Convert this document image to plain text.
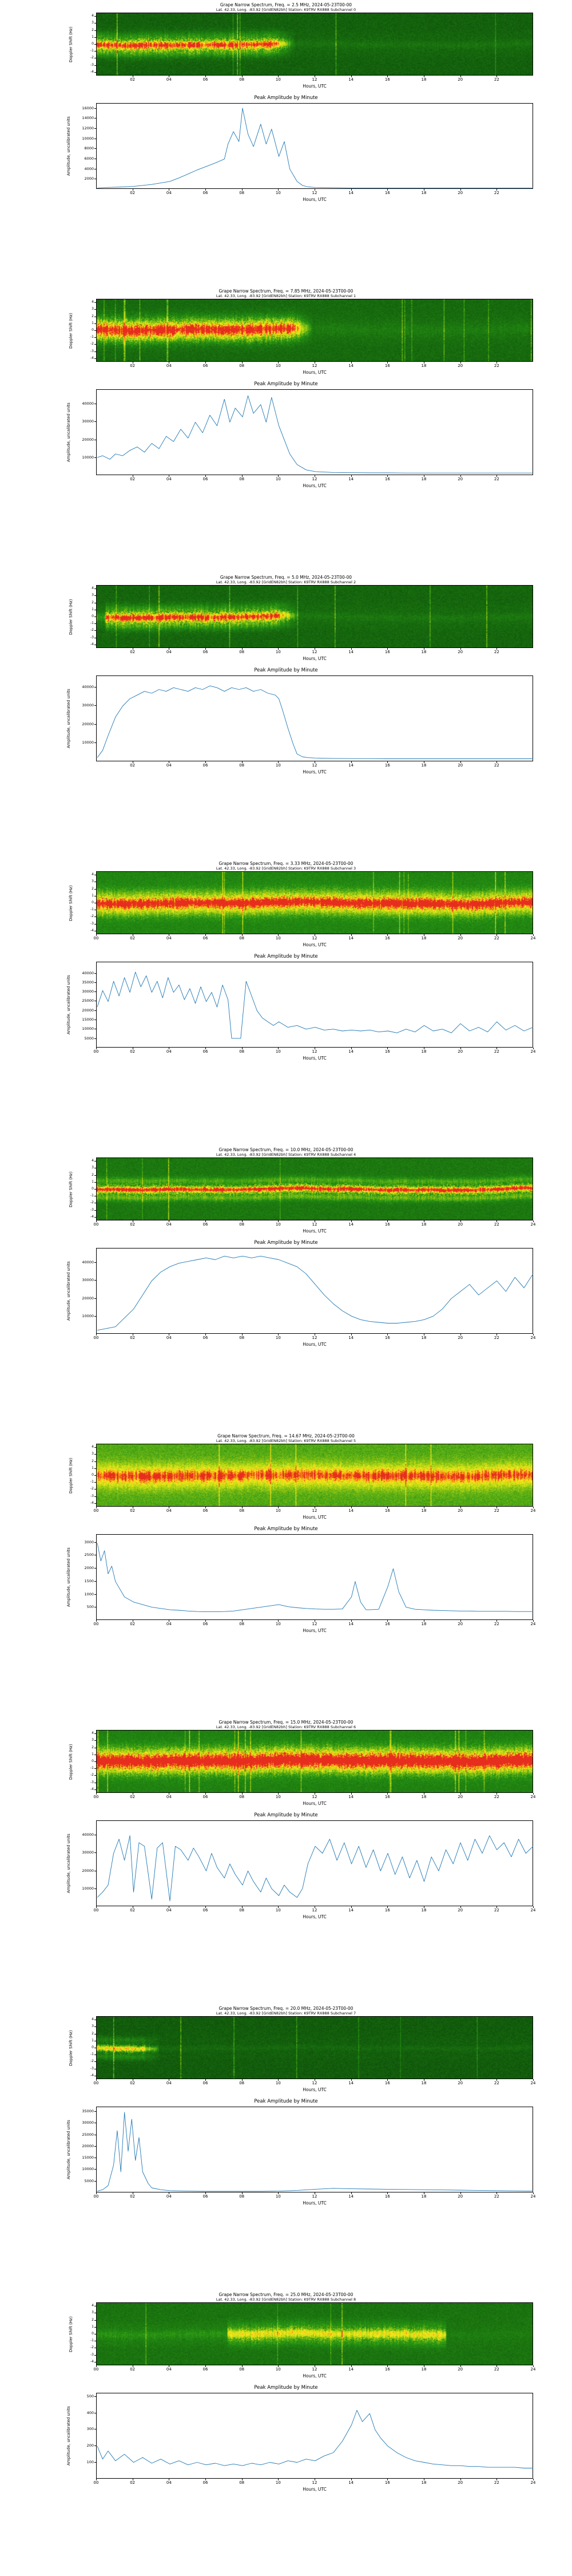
Grape Narrow Spectrum, Freq. = 2.5 MHz, 2024-05-23T00-00
Lat. 42.33, Long. -83.92 [GridEN82bh] Station: K9TRV RX888 Subchannel 0
Doppler Shift (Hz)
4
3
2
1
0
-1
-2
-3
-4
02	04	06	08	10	12	14	16	18	20	22
Hours, UTC
Peak Amplitude by Minute
2000
4000
6000
8000
10000
12000
14000
16000
Amplitude, uncalibrated units
02	04	06	08	10	12	14	16	18	20	22
Hours, UTC
Grape Narrow Spectrum, Freq. = 7.85 MHz, 2024-05-23T00-00
Lat. 42.33, Long. -83.92 [GridEN82bh] Station: K9TRV RX888 Subchannel 1
Doppler Shift (Hz)
4
3
2
1
0
-1
-2
-3
-4
02	04	06	08	10	12	14	16	18	20	22
Hours, UTC
Peak Amplitude by Minute
10000
20000
30000
40000
Amplitude, uncalibrated units
02	04	06	08	10	12	14	16	18	20	22
Hours, UTC
Grape Narrow Spectrum, Freq. = 5.0 MHz, 2024-05-23T00-00
Lat. 42.33, Long. -83.92 [GridEN82bh] Station: K9TRV RX888 Subchannel 2
Doppler Shift (Hz)
4
3
2
1
0
-1
-2
-3
-4
02	04	06	08	10	12	14	16	18	20	22
Hours, UTC
Peak Amplitude by Minute
10000
20000
30000
40000
Amplitude, uncalibrated units
02	04	06	08	10	12	14	16	18	20	22
Hours, UTC
Grape Narrow Spectrum, Freq. = 3.33 MHz, 2024-05-23T00-00
Lat. 42.33, Long. -83.92 [GridEN82bh] Station: K9TRV RX888 Subchannel 3
Doppler Shift (Hz)
4
3
2
1
0
-1
-2
-3
-4
00	02	04	06	08	10	12	14	16	18	20	22	24
Hours, UTC
Peak Amplitude by Minute
5000
10000
15000
20000
25000
30000
35000
40000
Amplitude, uncalibrated units
00	02	04	06	08	10	12	14	16	18	20	22	24
Hours, UTC
Grape Narrow Spectrum, Freq. = 10.0 MHz, 2024-05-23T00-00
Lat. 42.33, Long. -83.92 [GridEN82bh] Station: K9TRV RX888 Subchannel 4
Doppler Shift (Hz)
4
3
2
1
0
-1
-2
-3
-4
00	02	04	06	08	10	12	14	16	18	20	22	24
Hours, UTC
Peak Amplitude by Minute
10000
20000
30000
40000
Amplitude, uncalibrated units
00	02	04	06	08	10	12	14	16	18	20	22	24
Hours, UTC
Grape Narrow Spectrum, Freq. = 14.67 MHz, 2024-05-23T00-00
Lat. 42.33, Long. -83.92 [GridEN82bh] Station: K9TRV RX888 Subchannel 5
Doppler Shift (Hz)
4
3
2
1
0
-1
-2
-3
-4
00	02	04	06	08	10	12	14	16	18	20	22	24
Hours, UTC
Peak Amplitude by Minute
500
1000
1500
2000
2500
3000
Amplitude, uncalibrated units
00	02	04	06	08	10	12	14	16	18	20	22	24
Hours, UTC
Grape Narrow Spectrum, Freq. = 15.0 MHz, 2024-05-23T00-00
Lat. 42.33, Long. -83.92 [GridEN82bh] Station: K9TRV RX888 Subchannel 6
Doppler Shift (Hz)
4
3
2
1
0
-1
-2
-3
-4
00	02	04	06	08	10	12	14	16	18	20	22	24
Hours, UTC
Peak Amplitude by Minute
10000
20000
30000
40000
Amplitude, uncalibrated units
00	02	04	06	08	10	12	14	16	18	20	22	24
Hours, UTC
Grape Narrow Spectrum, Freq. = 20.0 MHz, 2024-05-23T00-00
Lat. 42.33, Long. -83.92 [GridEN82bh] Station: K9TRV RX888 Subchannel 7
Doppler Shift (Hz)
4
3
2
1
0
-1
-2
-3
-4
00	02	04	06	08	10	12	14	16	18	20	22	24
Hours, UTC
Peak Amplitude by Minute
5000
10000
15000
20000
25000
30000
35000
Amplitude, uncalibrated units
00	02	04	06	08	10	12	14	16	18	20	22	24
Hours, UTC
Grape Narrow Spectrum, Freq. = 25.0 MHz, 2024-05-23T00-00
Lat. 42.33, Long. -83.92 [GridEN82bh] Station: K9TRV RX888 Subchannel 8
Doppler Shift (Hz)
4
3
2
1
0
-1
-2
-3
-4
00	02	04	06	08	10	12	14	16	18	20	22	24
Hours, UTC
Peak Amplitude by Minute
100
200
300
400
500
Amplitude, uncalibrated units
00	02	04	06	08	10	12	14	16	18	20	22	24
Hours, UTC
